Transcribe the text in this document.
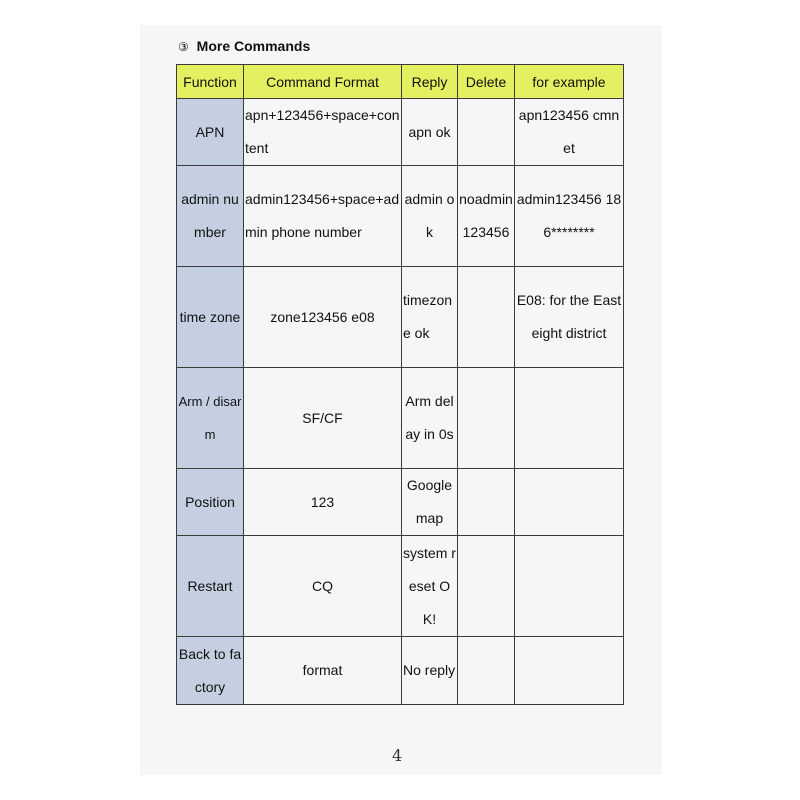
③ More Commands
Function	Command Format	Reply	Delete	for example
APN	apn+123456+space+content	apn ok		apn123456 cmnet
admin number	admin123456+space+admin phone number	admin ok	noadmin123456	admin123456 186********
time zone	zone123456 e08	timezone ok		E08: for the East eight district
Arm / disarm	SF/CF	Arm delay in 0s		
Position	123	Google map		
Restart	CQ	system reset OK!		
Back to factory	format	No reply		
4
